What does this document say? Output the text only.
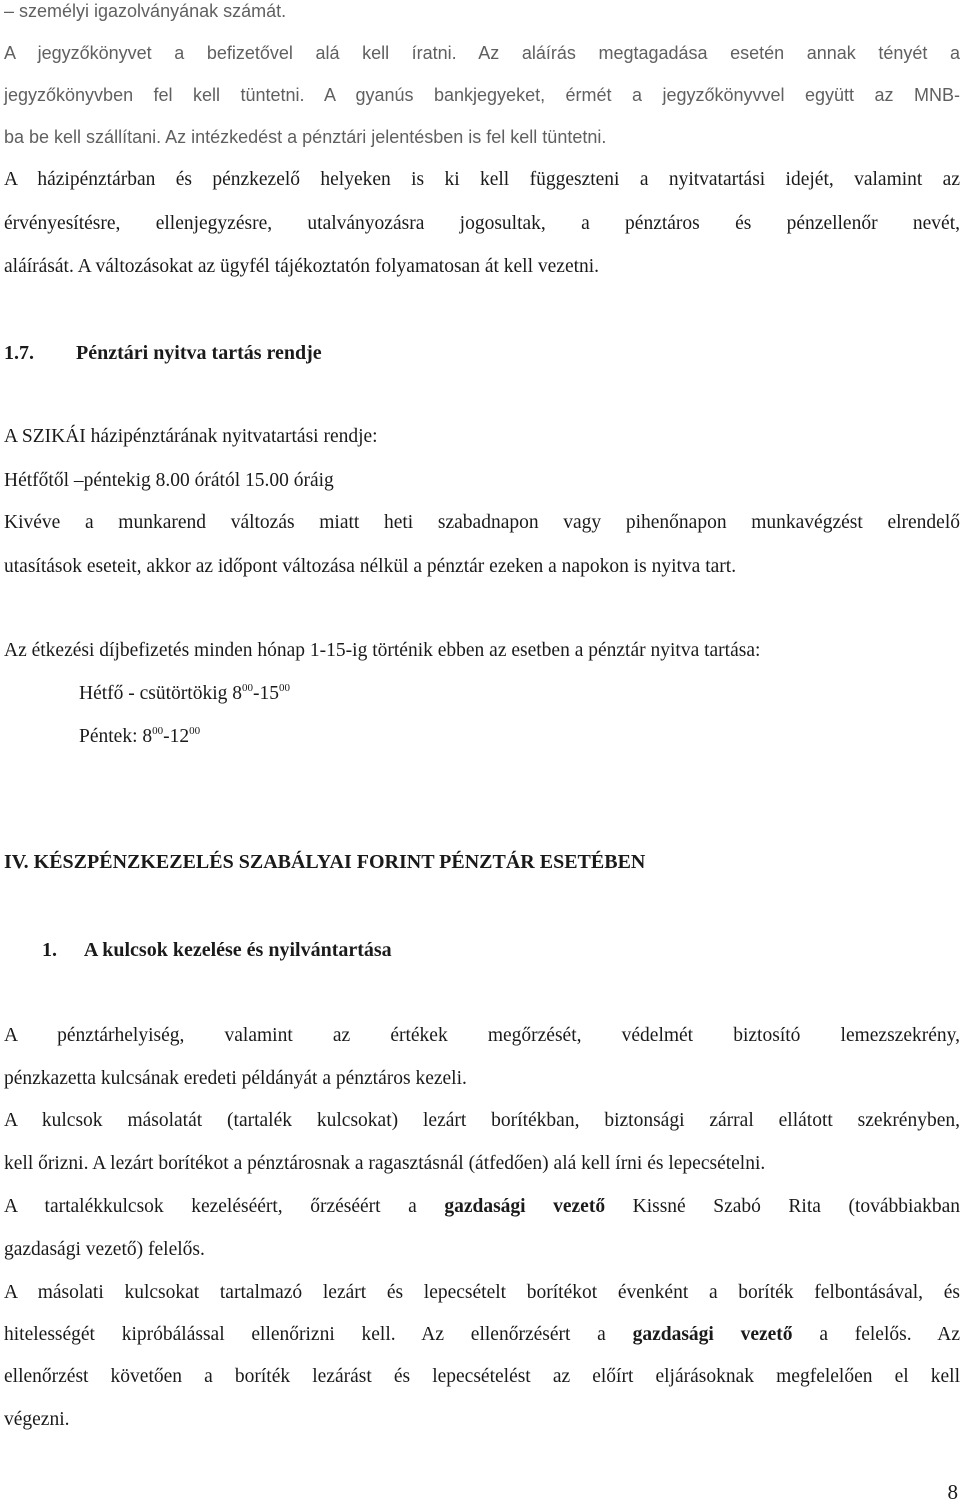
– személyi igazolványának számát.
A jegyzőkönyvet a befizetővel alá kell íratni. Az aláírás megtagadása esetén annak tényét a
jegyzőkönyvben fel kell tüntetni. A gyanús bankjegyeket, érmét a jegyzőkönyvvel együtt az MNB-
ba be kell szállítani. Az intézkedést a pénztári jelentésben is fel kell tüntetni.
A házipénztárban és pénzkezelő helyeken is ki kell függeszteni a nyitvatartási idejét, valamint az
érvényesítésre, ellenjegyzésre, utalványozásra jogosultak, a pénztáros és pénzellenőr nevét,
aláírását. A változásokat az ügyfél tájékoztatón folyamatosan át kell vezetni.
1.7. Pénztári nyitva tartás rendje
A SZIKÁI házipénztárának nyitvatartási rendje:
Hétfőtől –péntekig 8.00 órától 15.00 óráig
Kivéve a munkarend változás miatt heti szabadnapon vagy pihenőnapon munkavégzést elrendelő
utasítások eseteit, akkor az időpont változása nélkül a pénztár ezeken a napokon is nyitva tart.
Az étkezési díjbefizetés minden hónap 1-15-ig történik ebben az esetben a pénztár nyitva tartása:
Hétfő - csütörtökig $8^{00}-15^{00}$
Péntek: $8^{00}-12^{00}$
IV. KÉSZPÉNZKEZELÉS SZABÁLYAI FORINT PÉNZTÁR ESETÉBEN
1. A kulcsok kezelése és nyilvántartása
A pénztárhelyiség, valamint az értékek megőrzését, védelmét biztosító lemezszekrény,
pénzkazetta kulcsának eredeti példányát a pénztáros kezeli.
A kulcsok másolatát (tartalék kulcsokat) lezárt borítékban, biztonsági zárral ellátott szekrényben,
kell őrizni. A lezárt borítékot a pénztárosnak a ragasztásnál (átfedően) alá kell írni és lepecsételni.
A tartalékkulcsok kezeléséért, őrzéséért a gazdasági vezető Kissné Szabó Rita (továbbiakban
gazdasági vezető) felelős.
A másolati kulcsokat tartalmazó lezárt és lepecsételt borítékot évenként a boríték felbontásával, és
hitelességét kipróbálással ellenőrizni kell. Az ellenőrzésért a gazdasági vezető a felelős. Az
ellenőrzést követően a boríték lezárást és lepecsételést az előírt eljárásoknak megfelelően el kell
végezni.
8
